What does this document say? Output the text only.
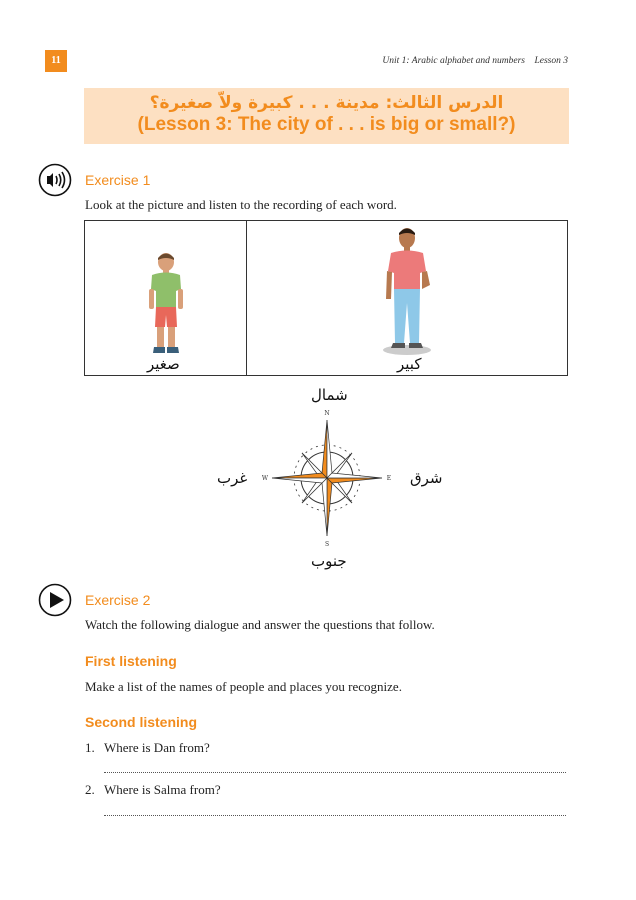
11	Unit 1: Arabic alphabet and numbers    Lesson 3
الدرس الثالث: مدينة . . . كبيرة ولاّ صغيرة؟
(Lesson 3: The city of . . . is big or small?)
Exercise 1
Look at the picture and listen to the recording of each word.
صغير	كبير
شمال
جنوب
شرق
غرب
N
S
E
W
Exercise 2
Watch the following dialogue and answer the questions that follow.
First listening
Make a list of the names of people and places you recognize.
Second listening
1. Where is Dan from?
2. Where is Salma from?
